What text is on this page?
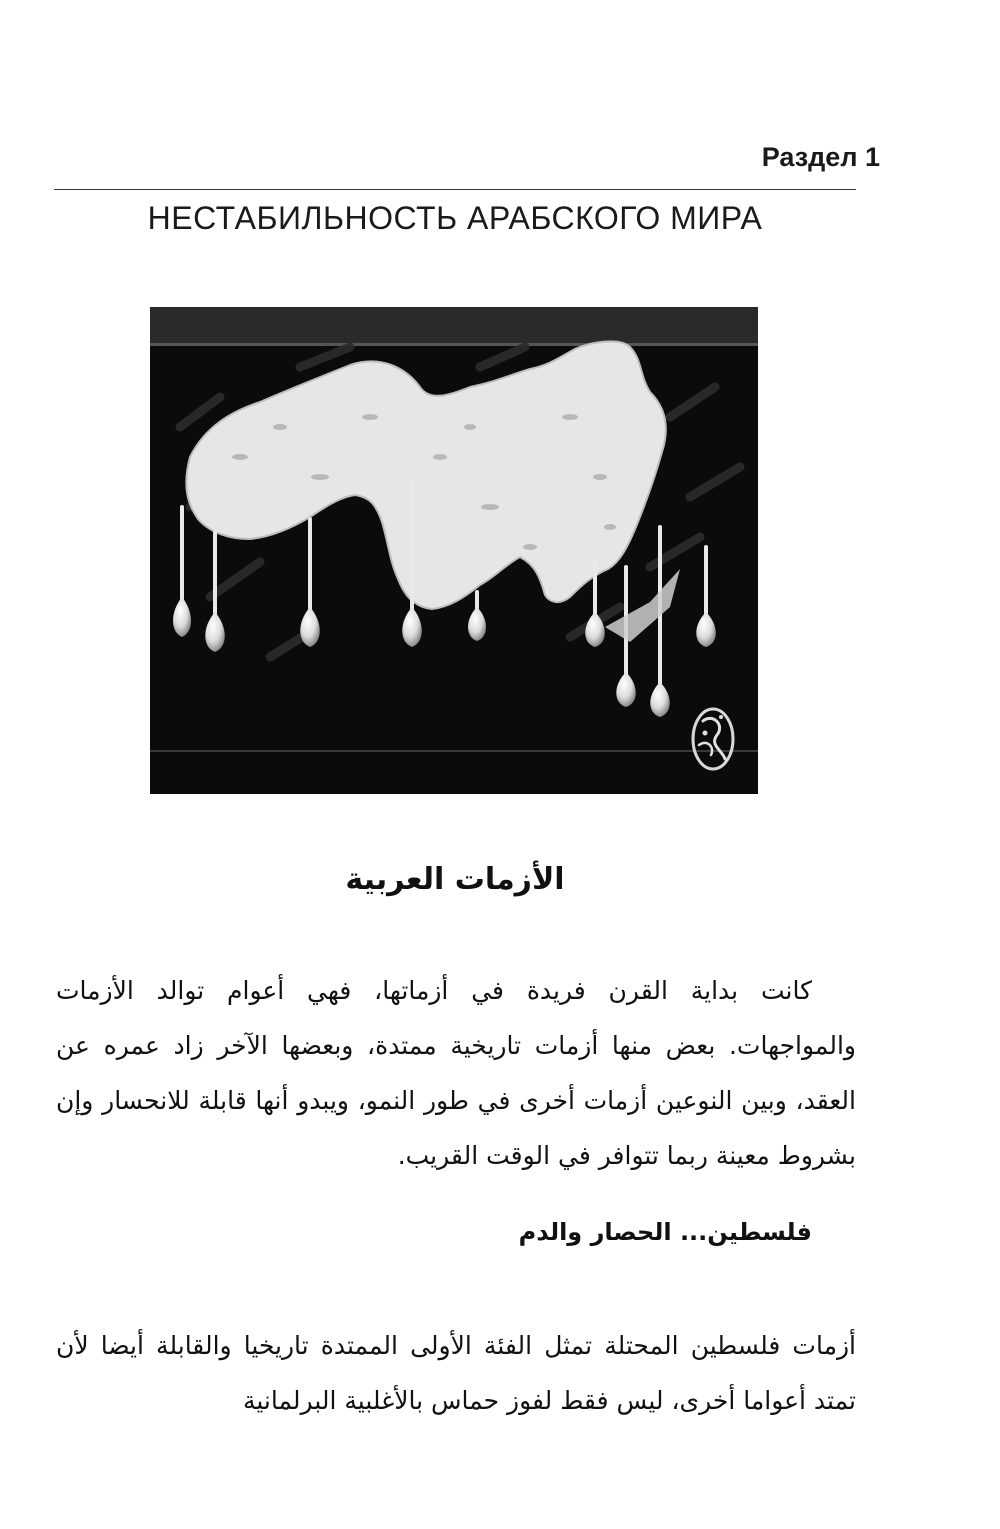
Раздел 1
НЕСТАБИЛЬНОСТЬ АРАБСКОГО МИРА
الأزمات العربية
كانت بداية القرن فريدة في أزماتها، فهي أعوام توالد الأزمات والمواجهات. بعض منها أزمات تاريخية ممتدة، وبعضها الآخر زاد عمره عن العقد، وبين النوعين أزمات أخرى في طور النمو، ويبدو أنها قابلة للانحسار وإن بشروط معينة ربما تتوافر في الوقت القريب.
فلسطين... الحصار والدم
أزمات فلسطين المحتلة تمثل الفئة الأولى الممتدة تاريخيا والقابلة أيضا لأن تمتد أعواما أخرى، ليس فقط لفوز حماس بالأغلبية البرلمانية
